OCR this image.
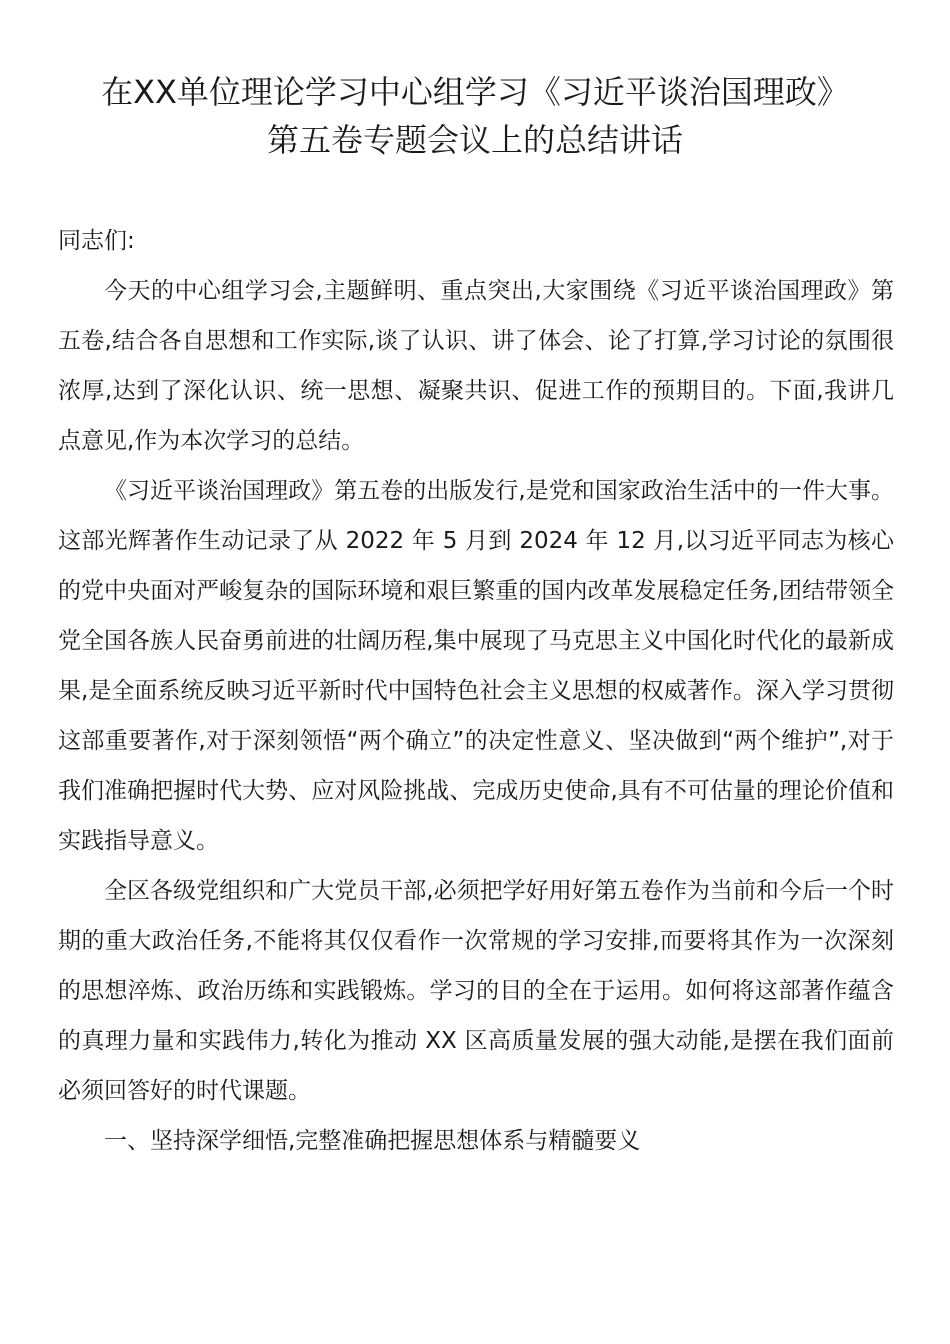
在XX单位理论学习中心组学习《习近平谈治国理政》
第五卷专题会议上的总结讲话

同志们:

今天的中心组学习会,主题鲜明、重点突出,大家围绕《习近平谈治国理政》第五卷,结合各自思想和工作实际,谈了认识、讲了体会、论了打算,学习讨论的氛围很浓厚,达到了深化认识、统一思想、凝聚共识、促进工作的预期目的。下面,我讲几点意见,作为本次学习的总结。

《习近平谈治国理政》第五卷的出版发行,是党和国家政治生活中的一件大事。这部光辉著作生动记录了从 2022 年 5 月到 2024 年 12 月,以习近平同志为核心的党中央面对严峻复杂的国际环境和艰巨繁重的国内改革发展稳定任务,团结带领全党全国各族人民奋勇前进的壮阔历程,集中展现了马克思主义中国化时代化的最新成果,是全面系统反映习近平新时代中国特色社会主义思想的权威著作。深入学习贯彻这部重要著作,对于深刻领悟“两个确立”的决定性意义、坚决做到“两个维护”,对于我们准确把握时代大势、应对风险挑战、完成历史使命,具有不可估量的理论价值和实践指导意义。

全区各级党组织和广大党员干部,必须把学好用好第五卷作为当前和今后一个时期的重大政治任务,不能将其仅仅看作一次常规的学习安排,而要将其作为一次深刻的思想淬炼、政治历练和实践锻炼。学习的目的全在于运用。如何将这部著作蕴含的真理力量和实践伟力,转化为推动 XX 区高质量发展的强大动能,是摆在我们面前必须回答好的时代课题。

一、坚持深学细悟,完整准确把握思想体系与精髓要义
